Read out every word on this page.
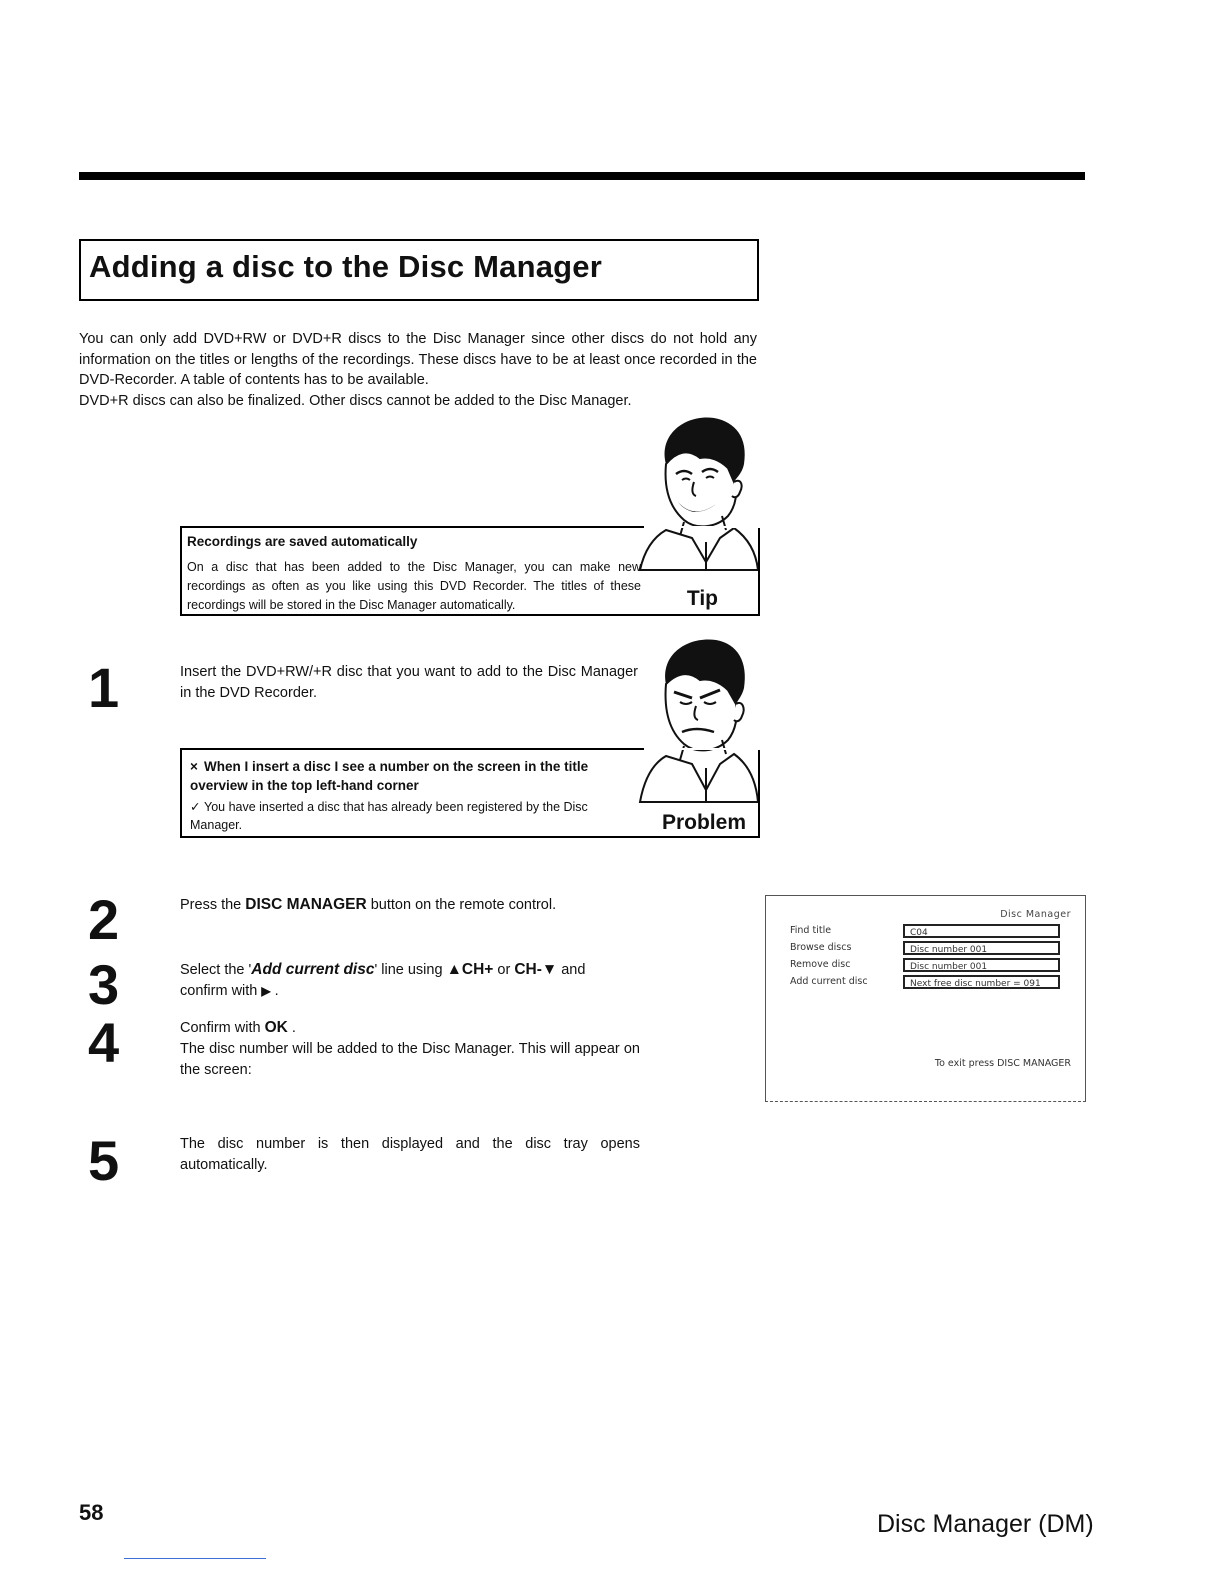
Adding a disc to the Disc Manager

You can only add DVD+RW or DVD+R discs to the Disc Manager since other discs do not hold any information on the titles or lengths of the recordings. These discs have to be at least once recorded in the DVD-Recorder. A table of contents has to be available.

DVD+R discs can also be finalized. Other discs cannot be added to the Disc Manager.

Recordings are saved automatically
On a disc that has been added to the Disc Manager, you can make new recordings as often as you like using this DVD Recorder. The titles of these recordings will be stored in the Disc Manager automatically.	Tip
1	Insert the DVD+RW/+R disc that you want to add to the Disc Manager in the DVD Recorder.
× When I insert a disc I see a number on the screen in the title overview in the top left-hand corner
✓ You have inserted a disc that has already been registered by the Disc Manager.	Problem
2	Press the DISC MANAGER button on the remote control.
3	Select the 'Add current disc' line using ▲CH+ or CH-▼ and
confirm with ▶ .
4	Confirm with OK .

The disc number will be added to the Disc Manager. This will appear on the screen:

Disc Manager
Find title	C04
Browse discs	Disc number 001
Remove disc	Disc number 001
Add current disc	Next free disc number = 091
To exit press DISC MANAGER
5	The disc number is then displayed and the disc tray opens automatically.
58	Disc Manager (DM)
